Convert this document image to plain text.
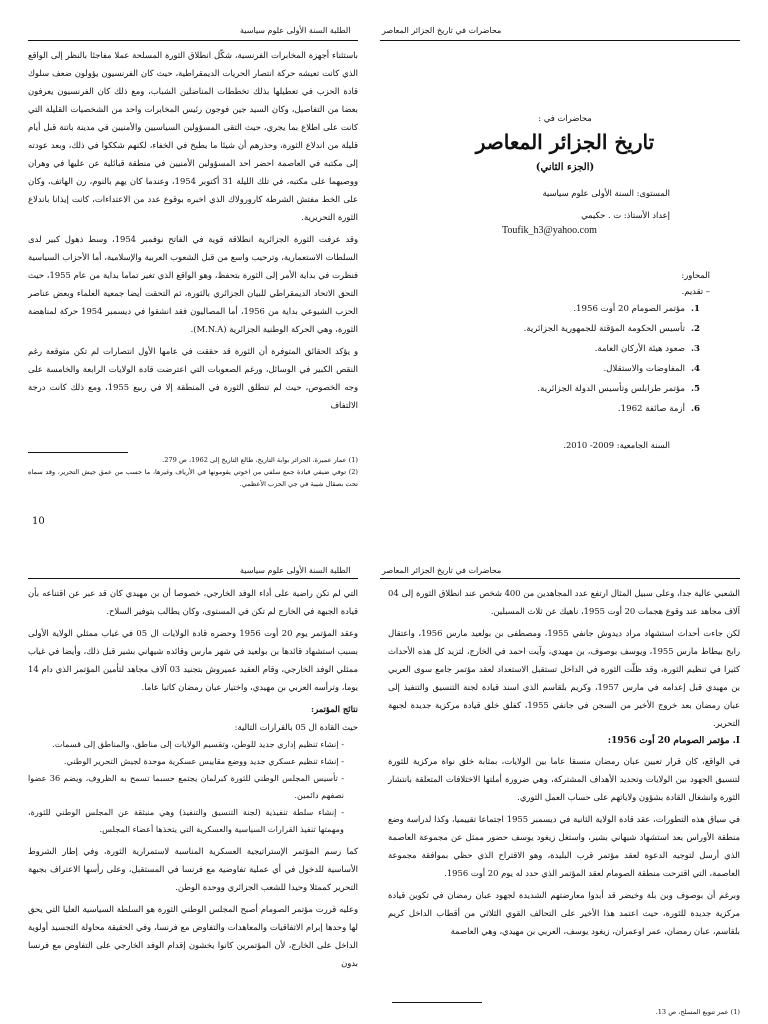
الطلبة السنة الأولى علوم سياسية

باستثناء أجهزة المخابرات الفرنسية، شكّل انطلاق الثورة المسلحة عملا مفاجئا بالنظر إلى الواقع الذي كانت تعيشه حركة انتصار الحريات الديمقراطية، حيث كان الفرنسيون يؤولون ضعف سلوك قادة الحزب في تعطيلها بذلك تخططات المناضلين الشباب، ومع ذلك كان الفرنسيون يعرفون بعضا من التفاصيل، وكان السيد جين فوجون رئيس المخابرات واحد من الشخصيات القليلة التي كانت على اطلاع بما يجري، حيث التقى المسؤولين السياسيين والأمنيين في مدينة باتنة قبل أيام قليلة من اندلاع الثورة، وحذرهم أن شيئا ما يطبخ في الخفاء، لكنهم شككوا في ذلك، وبعد عودته إلى مكتبه في العاصمة احضر احد المسؤولين الأمنيين في منطقة قبائلية عن عليها في وهران ووصيهما على مكتبه، في تلك الليلة 31 أكتوبر 1954، وعندما كان يهم بالنوم، رن الهاتف، وكان على الخط مفتش الشرطة كارورولاك الذي اخبره بوقوع عدد من الاعتداءات، كانت إيذانا باندلاع الثورة التحريرية.

وقد عرفت الثورة الجزائرية انطلاقة قوية في الفاتح نوفمبر 1954، وسط ذهول كبير لدى السلطات الاستعمارية، وترحيب واسع من قبل الشعوب العربية والإسلامية، أما الأحزاب السياسية فنظرت في بداية الأمر إلى الثورة بتحفظ، وهو الواقع الذي تغير تماما بداية من عام 1955، حيث التحق الاتحاد الديمقراطي للبيان الجزائري بالثورة، ثم التحقت أيضا جمعية العلماء وبعض عناصر الحزب الشيوعي بداية من 1956، أما المصاليون فقد انشقوا في ديسمبر 1954 حركة لمناهضة الثورة، وهي الحركة الوطنية الجزائرية (M.N.A).

و يؤكد الحقائق المتوفرة أن الثورة قد حققت في عامها الأول انتصارات لم تكن متوقعة رغم النقص الكبير في الوسائل، ورغم الصعوبات التي اعترضت قادة الولايات الرابعة والخامسة على وجه الخصوص، حيث لم تنطلق الثورة في المنطقة إلا في ربيع 1955، ومع ذلك كانت درجة الالتفاف

(1) عمار عميرة، الجزائر بوابة التاريخ، طالع التاريخ إلى 1962، ص 279.

(2) توفي ضيقي قيادة جمع سلفي من اخوتي يقومونها في الأرياف وغيرها، ما حسب من عمق جيش التحرير، وقد سماه تحت بصقال شيبة في جي الحزب الأعظمي.

10
محاضرات في تاريخ الجزائر المعاصر

محاضرات في :

تاريخ الجزائر المعاصر
(الجزء الثاني)

المستوى: السنة الأولى علوم سياسية

إعداد الأستاذ: ت . حكيمي

Toufik_h3@yahoo.com

المحاور:

– تقديم.

1.مؤتمر الصومام 20 أوت 1956.
2.تأسيس الحكومة المؤقتة للجمهورية الجزائرية.
3.صعود هيئة الأركان العامة.
4.المفاوضات والاستقلال.
5.مؤتمر طرابلس وتأسيس الدولة الجزائرية.
6.أزمة صائفة 1962.

السنة الجامعية: 2009- 2010.

الطلبة السنة الأولى علوم سياسية

التي لم تكن راضية على أداء الوفد الخارجي، خصوصا أن بن مهيدي كان قد عبر عن اقتناعه بأن قيادة الجبهة في الخارج لم تكن في المستوى، وكان يطالب بتوفير السلاح.

وعقد المؤتمر يوم 20 أوت 1956 وحضره قادة الولايات ال 05 في غياب ممثلي الولاية الأولى بسبب استشهاد قائدها بن بولعيد في شهر مارس وقائده شيهاني بشير قبل ذلك، وأيضا في غياب ممثلي الوفد الخارجي، وقام العقيد عميروش بتجنيد 03 آلاف مجاهد لتأمين المؤتمر الذي دام 14 يوما، وترأسه العربي بن مهيدي، واختيار عبان رمضان كاتبا عاما.

نتائج المؤتمر:

حيث القادة ال 05 بالقرارات التالية:

- إنشاء تنظيم إداري جديد للوطن، وتقسيم الولايات إلى مناطق، والمناطق إلى قسمات.
- إنشاء تنظيم عسكري جديد ووضع مقاييس عسكرية موحدة لجيش التحرير الوطني.
- تأسيس المجلس الوطني للثورة كبرلمان يجتمع حسبما تسمح به الظروف، ويضم 36 عضوا نصفهم دائمين.
- إنشاء سلطة تنفيذية (لجنة التنسيق والتنفيذ) وهي منبثقة عن المجلس الوطني للثورة، ومهمتها تنفيذ القرارات السياسية والعسكرية التي يتخذها أعضاء المجلس.

كما رسم المؤتمر الإستراتيجية العسكرية المناسبة لاستمرارية الثورة، وفي إطار الشروط الأساسية للدخول في أي عملية تفاوضية مع فرنسا في المستقبل، وعلى رأسها الاعتراف بجبهة التحرير كممثلا وحيدا للشعب الجزائري ووحدة الوطن.

وعليه قررت مؤتمر الصومام أصبح المجلس الوطني الثورة هو السلطة السياسية العليا التي يحق لها وحدها إبرام الاتفاقيات والمعاهدات والتفاوض مع فرنسا، وفي الحقيقة محاولة التجسيد أولوية الداخل على الخارج، لأن المؤتمرين كانوا يخشون إقدام الوفد الخارجي على التفاوض مع فرنسا بدون

محاضرات في تاريخ الجزائر المعاصر

الشعبي عالية جدا، وعلى سبيل المثال ارتفع عدد المجاهدين من 400 شخص عند انطلاق الثورة إلى 04 آلاف مجاهد عند وقوع هجمات 20 أوت 1955، ناهيك عن ثلاث المسبلين.

لكن جاءت أحداث استشهاد مراد ديدوش جانفي 1955، ومصطفى بن بولعيد مارس 1956، واعتقال رابح بيطاط مارس 1955، ويوسف بوصوف، بن مهيدي، وآيت احمد في الخارج، لتزيد كل هذه الأحداث كثيرا في تنظيم الثورة، وقد ظلّت الثورة في الداخل تستقبل الاستعداد لعقد مؤتمر جامع سوى العربي بن مهيدي قبل إعدامه في مارس 1957، وكريم بلقاسم الذي اسند قيادة لجنة التنسيق والتنفيذ إلى عبان رمضان بعد خروج الأخير من السجن في جانفي 1955، كفلق خلق قيادة مركزية جديدة لجبهة التحرير.

I. مؤتمر الصومام 20 أوت 1956:

في الواقع، كان قرار تعيين عبان رمضان منسقا عاما بين الولايات، بمثابة خلق نواة مركزية للثورة لتنسيق الجهود بين الولايات وتحديد الأهداف المشتركة، وهي ضرورة أملتها الاختلافات المتعلقة بانتشار الثورة وانشغال القادة بشؤون ولاياتهم على حساب العمل الثوري.

في سياق هذه التطورات، عقد قادة الولاية الثانية في ديسمبر 1955 اجتماعا تقييميا، وكذا لدراسة وضع منطقة الأوراس بعد استشهاد شيهاني بشير، واستغل زيغود يوسف حضور ممثل عن مجموعة العاصمة الذي أرسل لتوجيه الدعوة لعقد مؤتمر قرب البليدة، وهو الاقتراح الذي حظي بموافقة مجموعة العاصمة، التي اقترحت منطقة الصومام لعقد المؤتمر الذي حدد له يوم 20 أوت 1956.

وبرغم أن بوصوف وبن بلة وخيضر قد أبدوا معارضتهم الشديدة لجهود عبان رمضان في تكوين قيادة مركزية جديدة للثورة، حيث اعتمد هذا الأخير على التحالف القوي الثلاثي من أقطاب الداخل كريم بلقاسم، عبان رمضان، عمر اوعمران، زيغود يوسف، العربي بن مهيدي، وهي العاصمة

(1) عمر تنويع المسلح، ص 13.
